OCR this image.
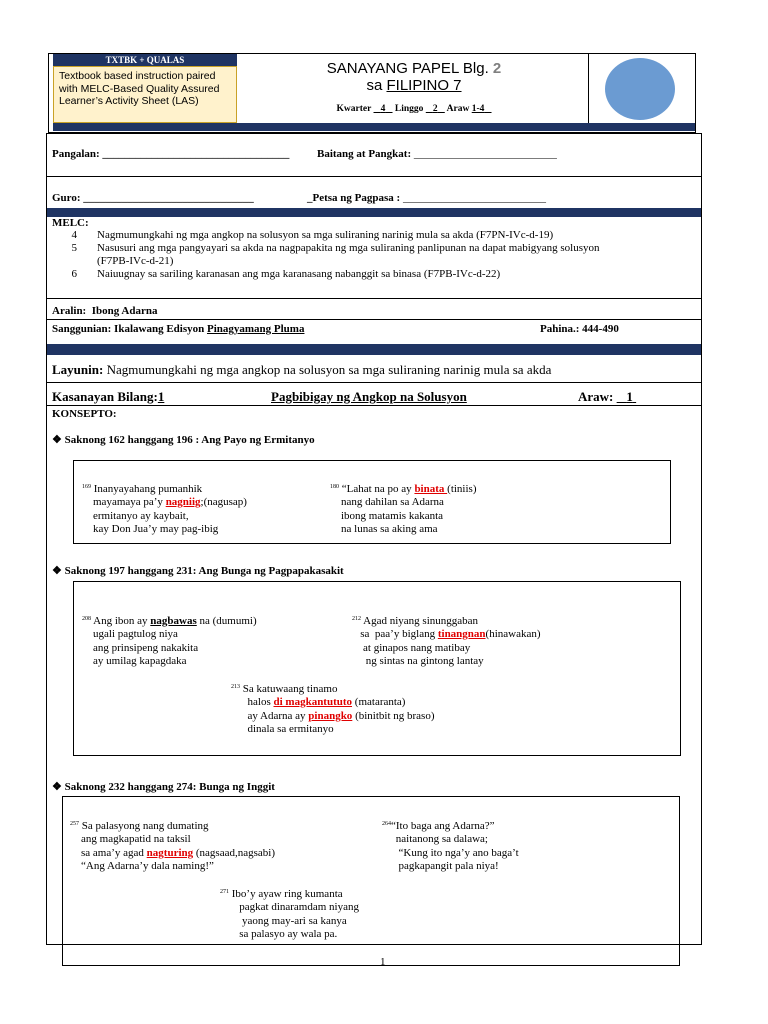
TXTBK + QUALAS
Textbook based instruction paired with MELC-Based Quality Assured Learner’s Activity Sheet (LAS)
SANAYANG PAPEL Blg. 2
sa FILIPINO 7
Kwarter 4 Linggo 2 Araw 1-4
Pangalan: __________________________________	Baitang at Pangkat: __________________________
Guro: _______________________________	_Petsa ng Pagpasa : __________________________
MELC:
4 Nagmumungkahi ng mga angkop na solusyon sa mga suliraning narinig mula sa akda (F7PN-IVc-d-19)
5 Nasusuri ang mga pangyayari sa akda na nagpapakita ng mga suliraning panlipunan na dapat mabigyang solusyon
(F7PB-IVc-d-21)
6 Naiuugnay sa sariling karanasan ang mga karanasang nabanggit sa binasa (F7PB-IVc-d-22)
Aralin: Ibong Adarna
Sanggunian: Ikalawang Edisyon Pinagyamang Pluma	Pahina.: 444-490
Layunin: Nagmumungkahi ng mga angkop na solusyon sa mga suliraning narinig mula sa akda
Kasanayan Bilang:1	Pagbibigay ng Angkop na Solusyon	Araw: 1
KONSEPTO:
❖ Saknong 162 hanggang 196 : Ang Payo ng Ermitanyo

$^{169}$ Inanyayahang pumanhik
mayamaya pa’y nagniig;(nagusap)
ermitanyo ay kaybait,
kay Don Jua’y may pag-ibig

$^{180}$ “Lahat na po ay binata (tiniis)
nang dahilan sa Adarna
ibong matamis kakanta
na lunas sa aking ama
❖ Saknong 197 hanggang 231: Ang Bunga ng Pagpapakasakit

$^{208}$ Ang ibon ay nagbawas na (dumumi)
ugali pagtulog niya
ang prinsipeng nakakita
ay umilag kapagdaka

$^{212}$ Agad niyang sinunggaban
sa  paa’y biglang tinangnan(hinawakan)
at ginapos nang matibay
ng sintas na gintong lantay

$^{213}$ Sa katuwaang tinamo
halos di magkantututo (mataranta)
ay Adarna ay pinangko (binitbit ng braso)
dinala sa ermitanyo
❖ Saknong 232 hanggang 274: Bunga ng Inggit

$^{257}$ Sa palasyong nang dumating
ang magkapatid na taksil
sa ama’y agad nagturing (nagsaad,nagsabi)
“Ang Adarna’y dala naming!”

$^{264}$“Ito baga ang Adarna?”
naitanong sa dalawa;
“Kung ito nga’y ano baga’t
pagkapangit pala niya!

$^{271}$ Ibo’y ayaw ring kumanta
pagkat dinaramdam niyang
yaong may-ari sa kanya
sa palasyo ay wala pa.
1
